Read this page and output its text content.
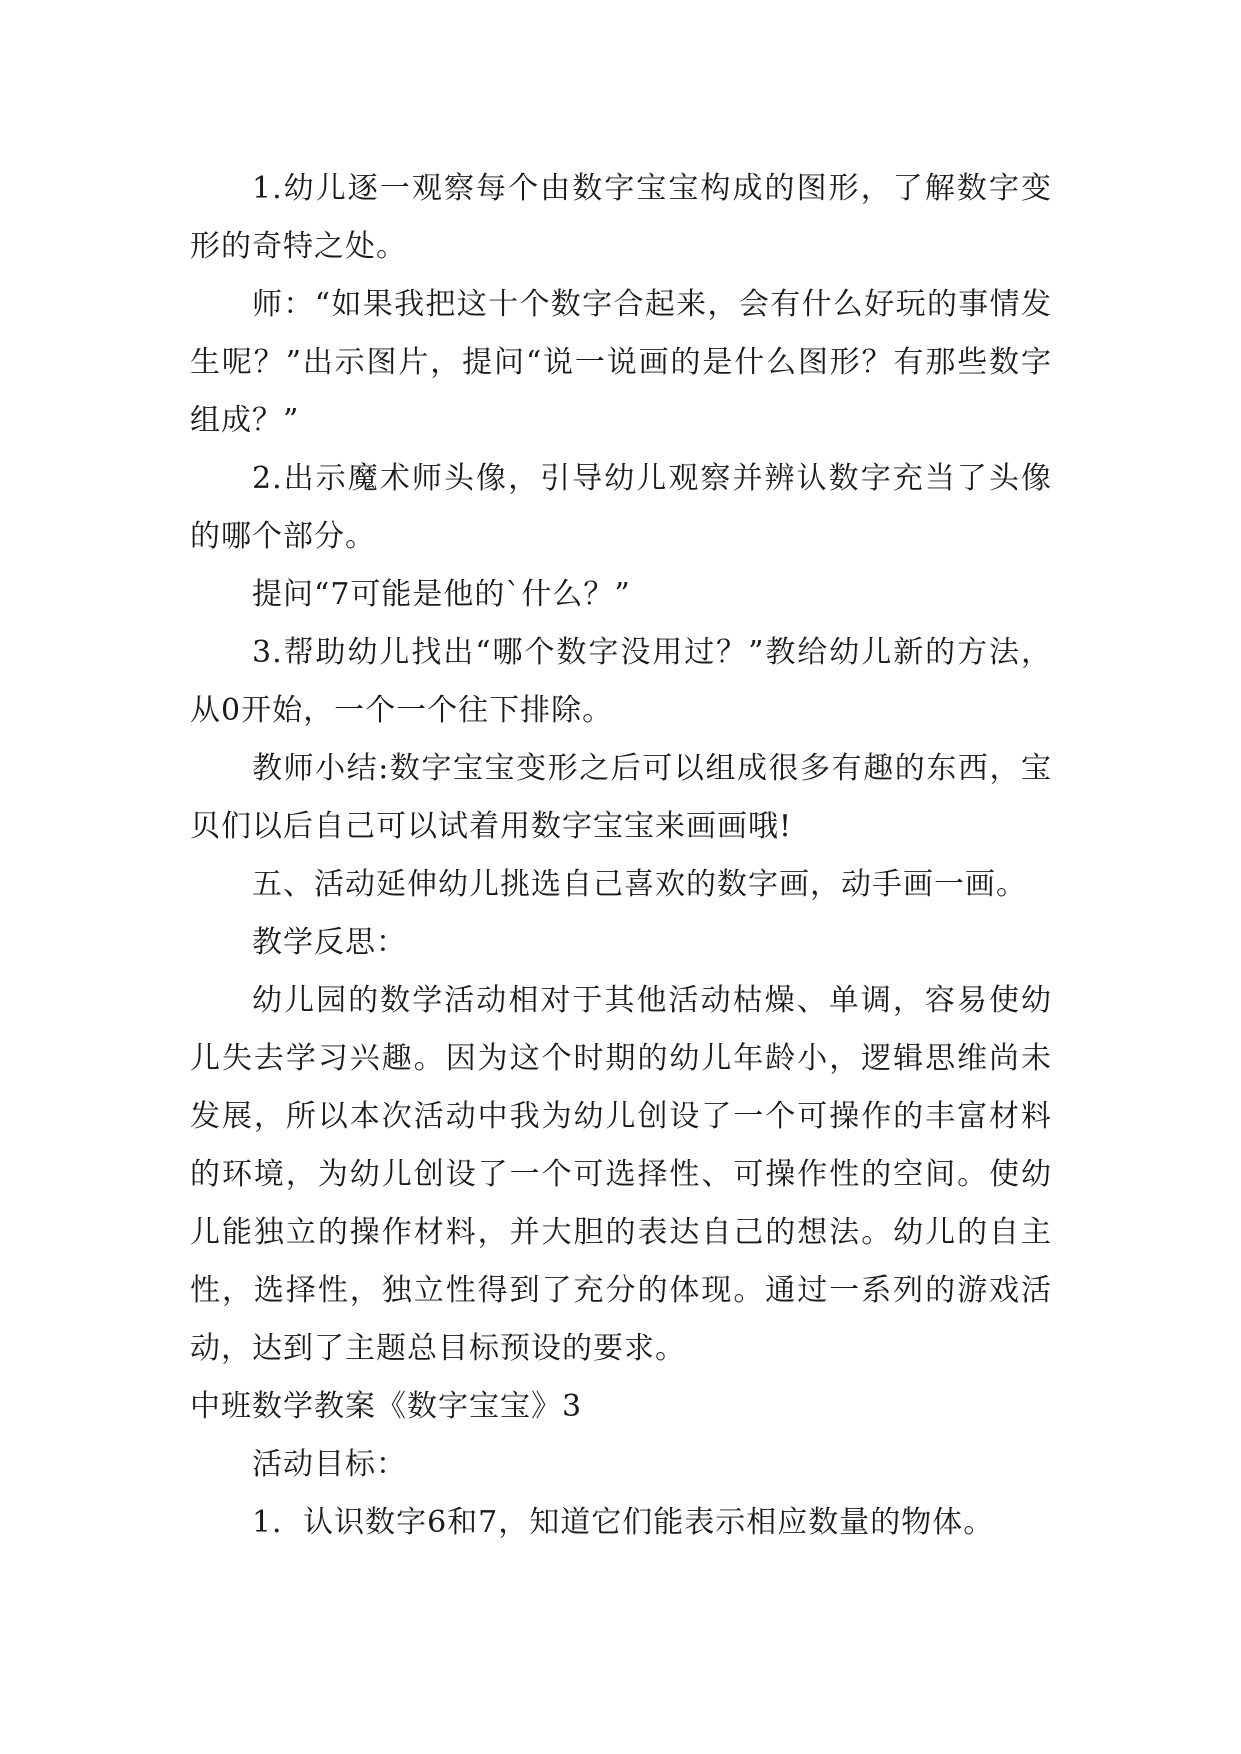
1.幼儿逐一观察每个由数字宝宝构成的图形，了解数字变形的奇特之处。

师：“如果我把这十个数字合起来，会有什么好玩的事情发生呢？”出示图片，提问“说一说画的是什么图形？有那些数字组成？”

2.出示魔术师头像，引导幼儿观察并辨认数字充当了头像的哪个部分。

提问“7可能是他的`什么？”

3.帮助幼儿找出“哪个数字没用过？”教给幼儿新的方法，从0开始，一个一个往下排除。

教师小结:数字宝宝变形之后可以组成很多有趣的东西，宝贝们以后自己可以试着用数字宝宝来画画哦!

五、活动延伸幼儿挑选自己喜欢的数字画，动手画一画。

教学反思：

幼儿园的数学活动相对于其他活动枯燥、单调，容易使幼儿失去学习兴趣。因为这个时期的幼儿年龄小，逻辑思维尚未发展，所以本次活动中我为幼儿创设了一个可操作的丰富材料的环境，为幼儿创设了一个可选择性、可操作性的空间。使幼儿能独立的操作材料，并大胆的表达自己的想法。幼儿的自主性，选择性，独立性得到了充分的体现。通过一系列的游戏活动，达到了主题总目标预设的要求。

中班数学教案《数字宝宝》3

活动目标：

1．认识数字6和7，知道它们能表示相应数量的物体。
